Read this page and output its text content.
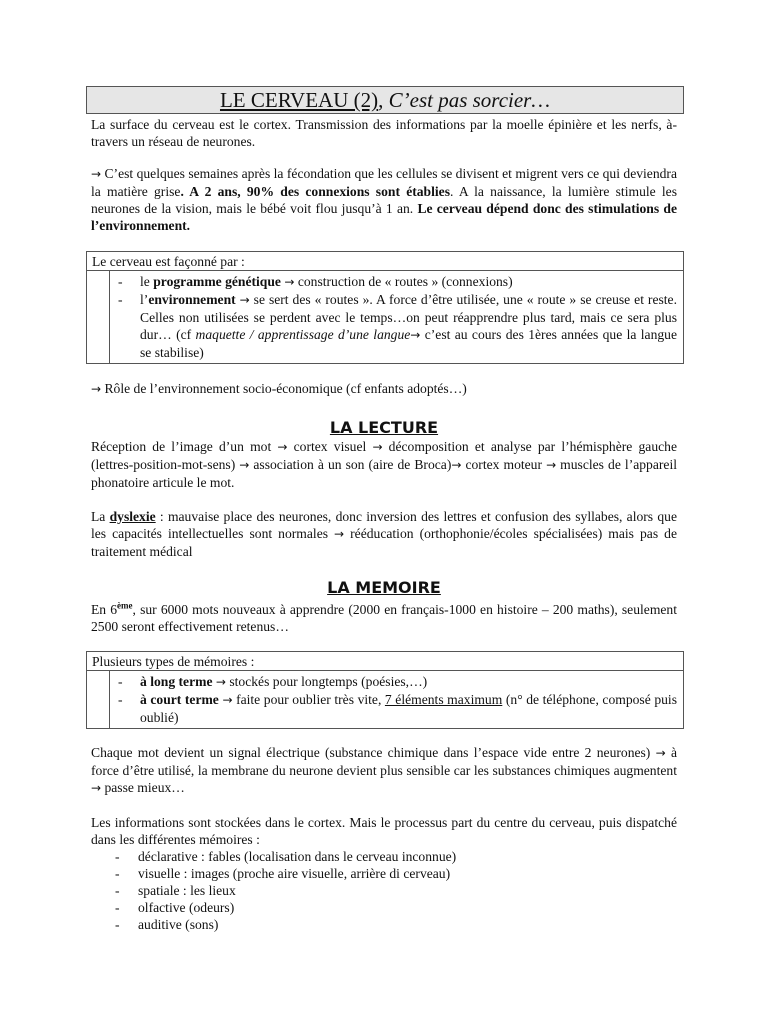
LE CERVEAU (2), C’est pas sorcier…

La surface du cerveau est le cortex. Transmission des informations par la moelle épinière et les nerfs, à-travers un réseau de neurones.

→ C’est quelques semaines après la fécondation que les cellules se divisent et migrent vers ce qui deviendra la matière grise. A 2 ans, 90% des connexions sont établies. A la naissance, la lumière stimule les neurones de la vision, mais le bébé voit flou jusqu’à 1 an. Le cerveau dépend donc des stimulations de l’environnement.

Le cerveau est façonné par :
- le programme génétique → construction de « routes » (connexions)
- l’environnement → se sert des « routes ». A force d’être utilisée, une « route » se creuse et reste. Celles non utilisées se perdent avec le temps…on peut réapprendre plus tard, mais ce sera plus dur… (cf maquette / apprentissage d’une langue→ c’est au cours des 1ères années que la langue se stabilise)

→ Rôle de l’environnement socio-économique (cf enfants adoptés…)

LA LECTURE

Réception de l’image d’un mot → cortex visuel → décomposition et analyse par l’hémisphère gauche (lettres-position-mot-sens) → association à un son (aire de Broca)→ cortex moteur → muscles de l’appareil phonatoire articule le mot.

La dyslexie : mauvaise place des neurones, donc inversion des lettres et confusion des syllabes, alors que les capacités intellectuelles sont normales → rééducation (orthophonie/écoles spécialisées) mais pas de traitement médical

LA MEMOIRE

En 6ème, sur 6000 mots nouveaux à apprendre (2000 en français-1000 en histoire – 200 maths), seulement 2500 seront effectivement retenus…

Plusieurs types de mémoires :
- à long terme → stockés pour longtemps (poésies,…)
- à court terme → faite pour oublier très vite, 7 éléments maximum (n° de téléphone, composé puis oublié)

Chaque mot devient un signal électrique (substance chimique dans l’espace vide entre 2 neurones) → à force d’être utilisé, la membrane du neurone devient plus sensible car les substances chimiques augmentent → passe mieux…

Les informations sont stockées dans le cortex. Mais le processus part du centre du cerveau, puis dispatché dans les différentes mémoires :

- déclarative : fables (localisation dans le cerveau inconnue)
- visuelle : images (proche aire visuelle, arrière di cerveau)
- spatiale : les lieux
- olfactive (odeurs)
- auditive (sons)
